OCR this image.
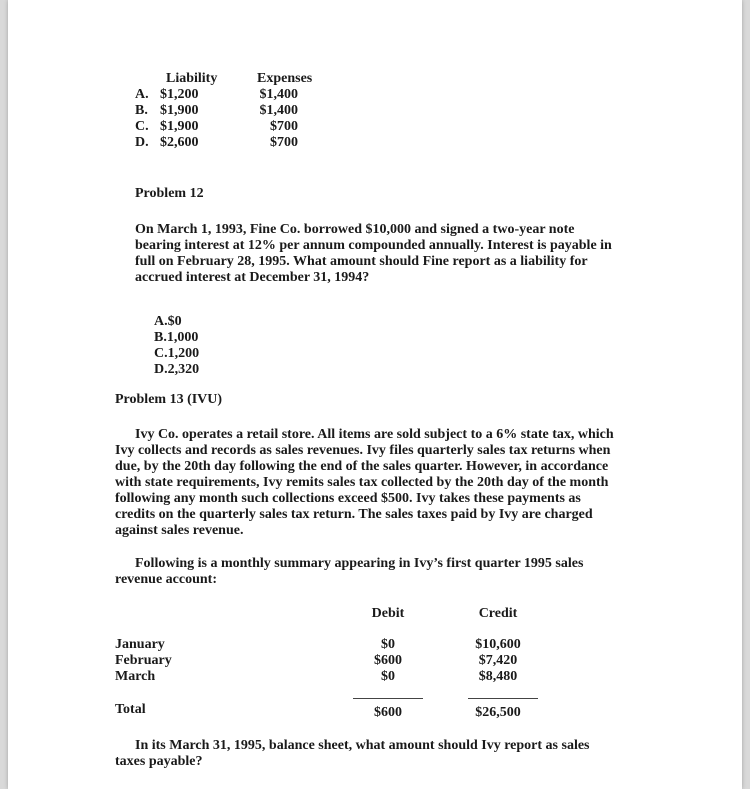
Liability	Expenses
A. $1,200	$1,400
B. $1,900	$1,400
C. $1,900	$700
D. $2,600	$700
Problem 12
On March 1, 1993, Fine Co. borrowed $10,000 and signed a two-year note
bearing interest at 12% per annum compounded annually. Interest is payable in
full on February 28, 1995. What amount should Fine report as a liability for
accrued interest at December 31, 1994?
A.$0
B.1,000
C.1,200
D.2,320
Problem 13 (IVU)
Ivy Co. operates a retail store. All items are sold subject to a 6% state tax, which
Ivy collects and records as sales revenues. Ivy files quarterly sales tax returns when
due, by the 20th day following the end of the sales quarter. However, in accordance
with state requirements, Ivy remits sales tax collected by the 20th day of the month
following any month such collections exceed $500. Ivy takes these payments as
credits on the quarterly sales tax return. The sales taxes paid by Ivy are charged
against sales revenue.
Following is a monthly summary appearing in Ivy’s first quarter 1995 sales
revenue account:
Debit	Credit
January	$0	$10,600
February	$600	$7,420
March	$0	$8,480
Total	$600	$26,500
In its March 31, 1995, balance sheet, what amount should Ivy report as sales
taxes payable?
